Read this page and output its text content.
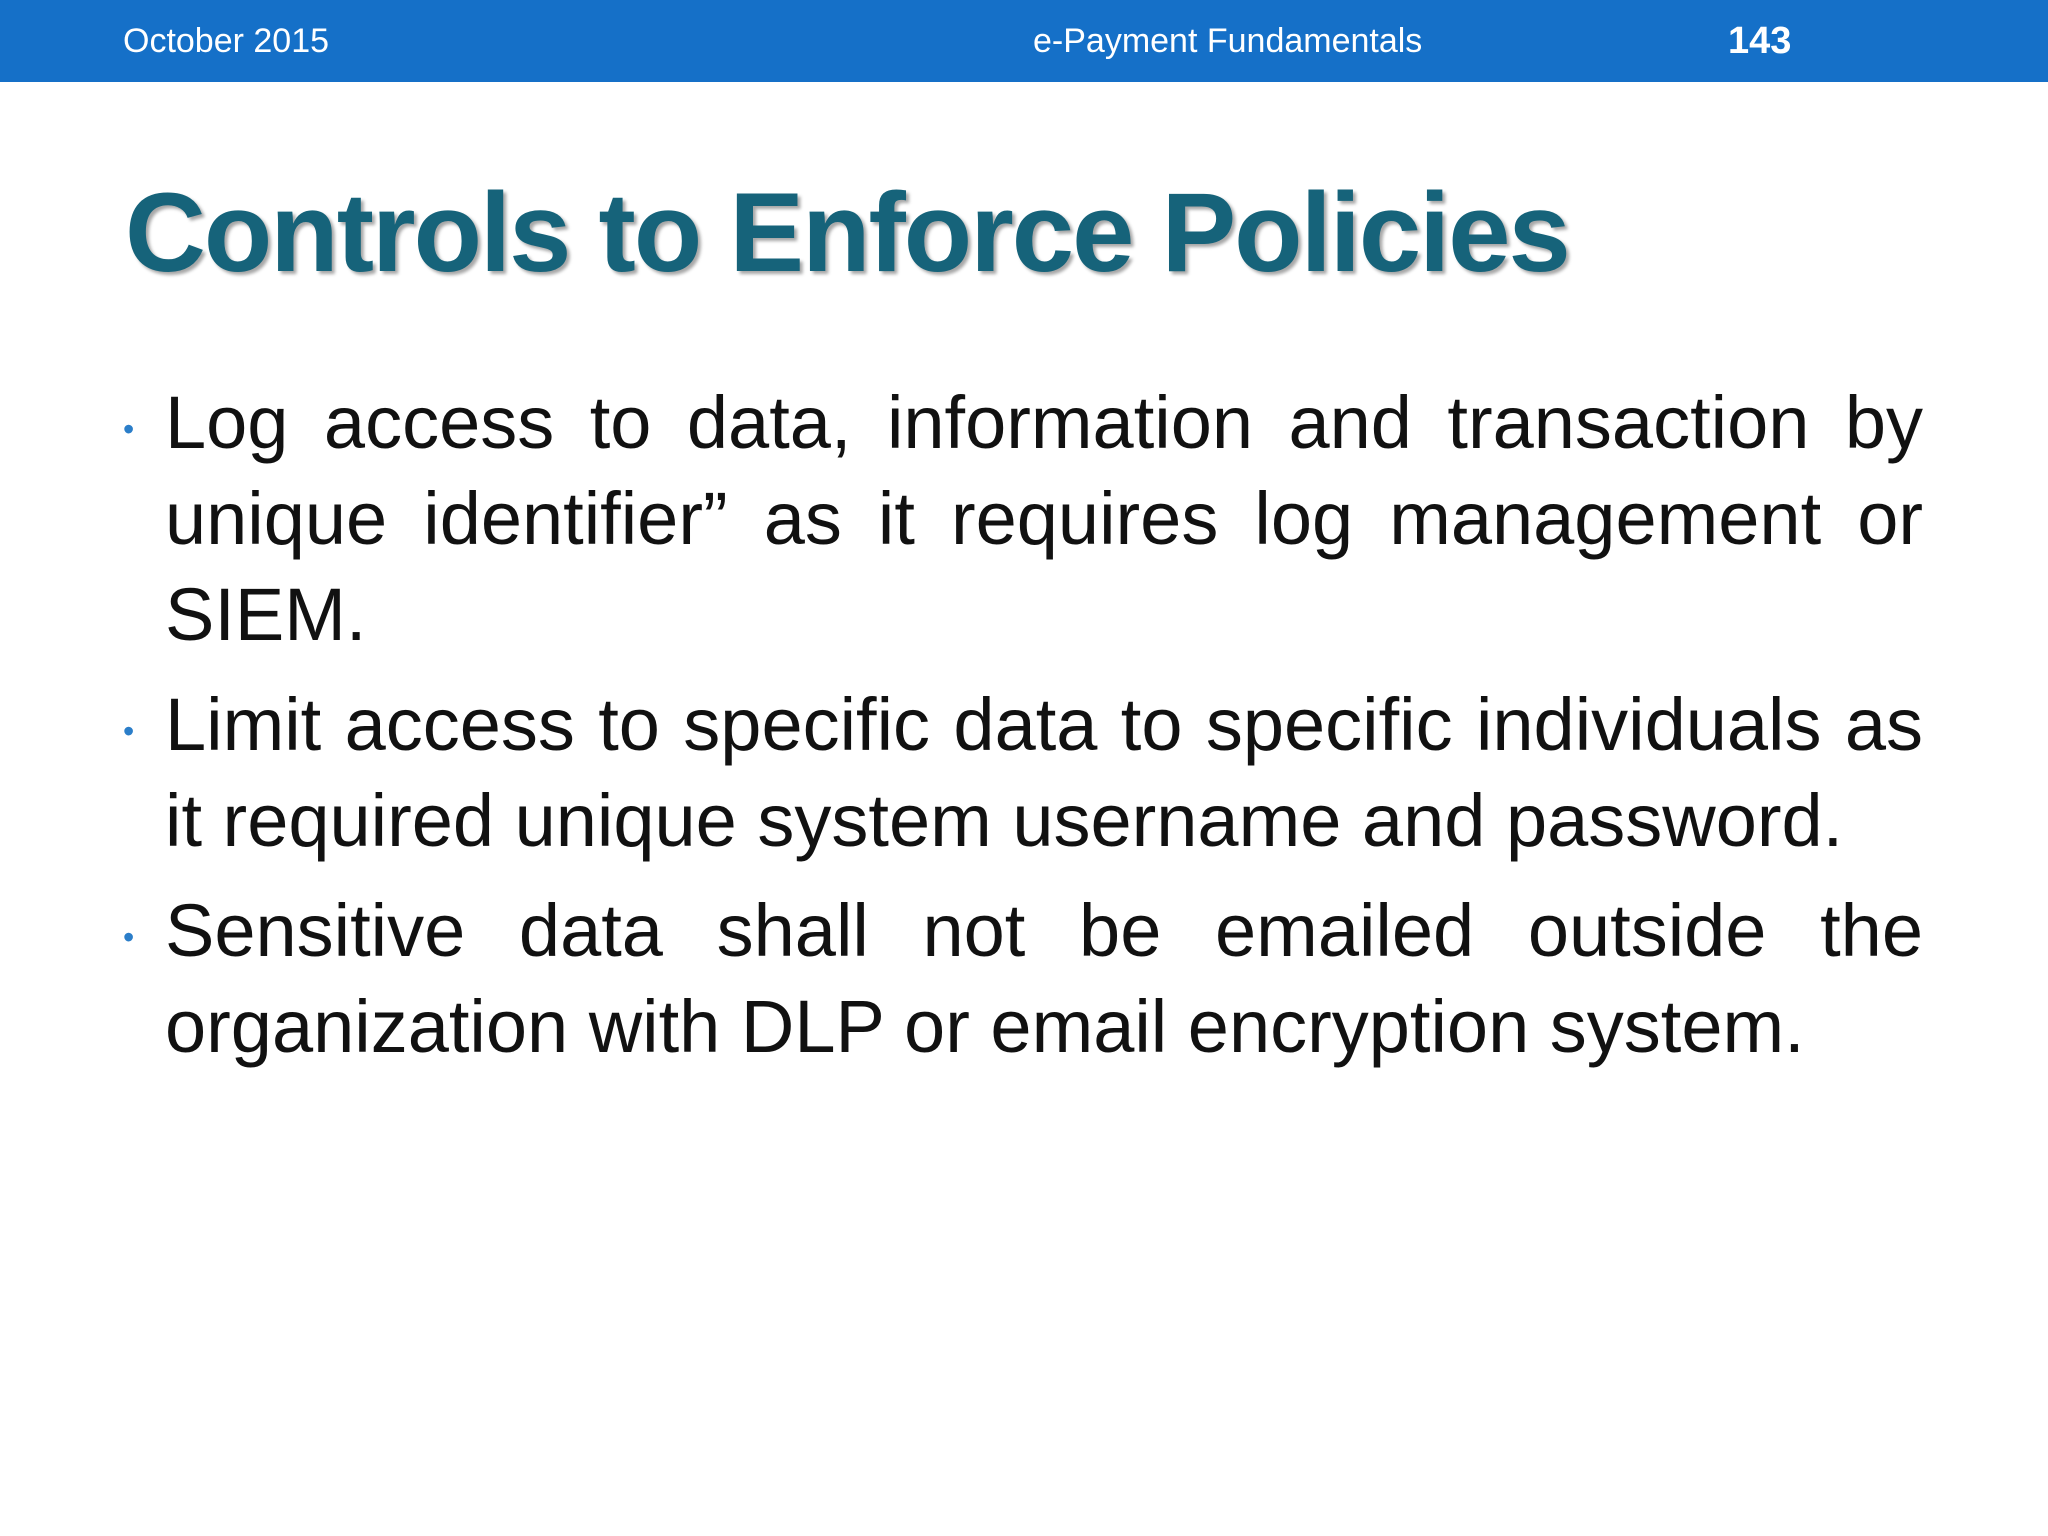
October 2015	e-Payment Fundamentals	143
Controls to Enforce Policies
• Log access to data, information and transaction by unique identifier” as it requires log management or SIEM.
• Limit access to specific data to specific individuals as it required unique system username and password.
• Sensitive data shall not be emailed outside the organization with DLP or email encryption system.
